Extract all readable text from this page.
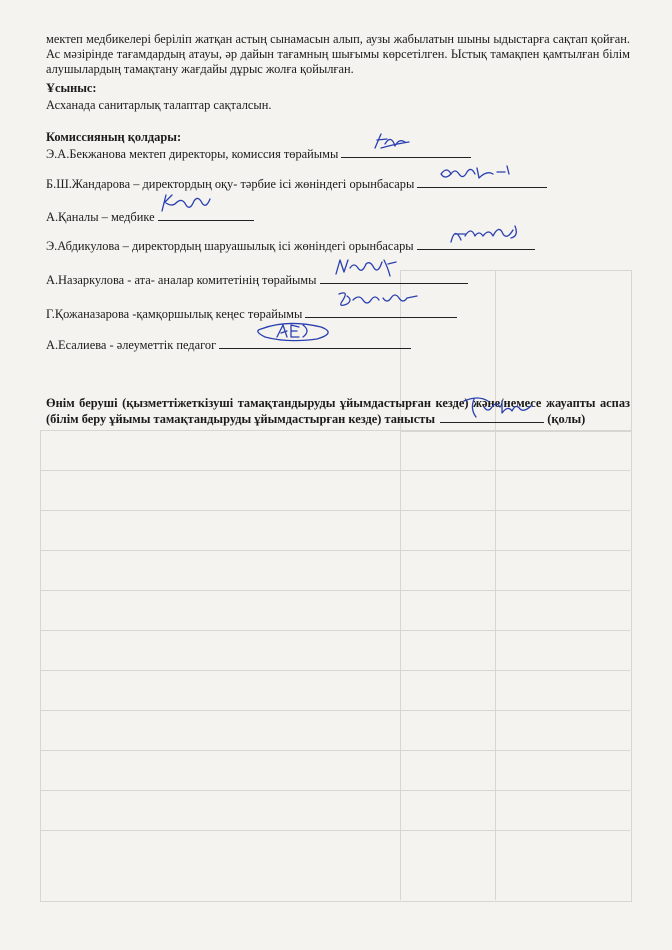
мектеп медбикелері беріліп жатқан астың сынамасын алып, аузы жабылатын шыны ыдыстарға сақтап қойған. Ас мәзірінде тағамдардың атауы, әр дайын тағамның шығымы көрсетілген. Ыстық тамақпен қамтылған білім алушылардың тамақтану жағдайы дұрыс жолға қойылған.
Ұсыныс:
Асханада санитарлық талаптар сақталсын.
Комиссияның қолдары:
Э.А.Бекжанова мектеп директоры, комиссия төрайымы
Б.Ш.Жандарова – директордың оқу- тәрбие ісі жөніндегі орынбасары
А.Қаналы – медбике
Э.Абдикулова – директордың шаруашылық ісі жөніндегі орынбасары
А.Назаркулова - ата- аналар комитетінің төрайымы
Г.Қожаназарова -қамқоршылық кеңес төрайымы
А.Есалиева - әлеуметтік педагог
Өнім беруші (қызметтіжеткізуші тамақтандыруды ұйымдастырған кезде) және/немесе жауапты аспаз (білім беру ұйымы тамақтандыруды ұйымдастырған кезде) танысты	(қолы)
